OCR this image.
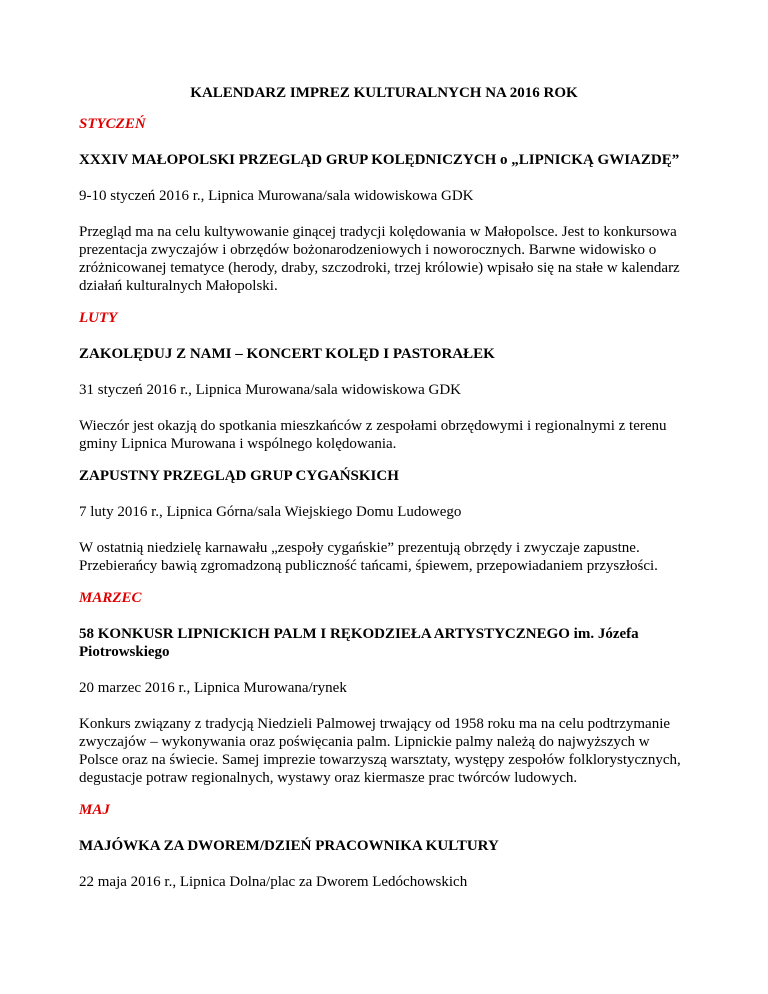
KALENDARZ IMPREZ KULTURALNYCH NA 2016 ROK

STYCZEŃ

XXXIV MAŁOPOLSKI PRZEGLĄD GRUP KOLĘDNICZYCH o „LIPNICKĄ GWIAZDĘ”

9-10 styczeń 2016 r., Lipnica Murowana/sala widowiskowa GDK

Przegląd ma na celu kultywowanie ginącej tradycji kolędowania w Małopolsce. Jest to konkursowa prezentacja zwyczajów i obrzędów bożonarodzeniowych i noworocznych. Barwne widowisko o zróżnicowanej tematyce (herody, draby, szczodroki, trzej królowie) wpisało się na stałe w kalendarz działań kulturalnych Małopolski.

LUTY

ZAKOLĘDUJ Z NAMI – KONCERT KOLĘD I PASTORAŁEK

31 styczeń 2016 r., Lipnica Murowana/sala widowiskowa GDK

Wieczór jest okazją do spotkania mieszkańców z zespołami obrzędowymi i regionalnymi z terenu gminy Lipnica Murowana i wspólnego kolędowania.

ZAPUSTNY PRZEGLĄD GRUP CYGAŃSKICH

7 luty 2016 r., Lipnica Górna/sala Wiejskiego Domu Ludowego

W ostatnią niedzielę karnawału „zespoły cygańskie” prezentują obrzędy i zwyczaje zapustne. Przebierańcy bawią zgromadzoną publiczność tańcami, śpiewem, przepowiadaniem przyszłości.

MARZEC

58 KONKUSR LIPNICKICH PALM I RĘKODZIEŁA ARTYSTYCZNEGO im. Józefa Piotrowskiego

20 marzec 2016 r., Lipnica Murowana/rynek

Konkurs związany z tradycją Niedzieli Palmowej trwający od 1958 roku ma na celu podtrzymanie zwyczajów – wykonywania oraz poświęcania palm. Lipnickie palmy należą do najwyższych w Polsce oraz na świecie. Samej imprezie towarzyszą warsztaty, występy zespołów folklorystycznych, degustacje potraw regionalnych, wystawy oraz kiermasze prac twórców ludowych.

MAJ

MAJÓWKA ZA DWOREM/DZIEŃ PRACOWNIKA KULTURY

22 maja 2016 r., Lipnica Dolna/plac za Dworem Ledóchowskich
